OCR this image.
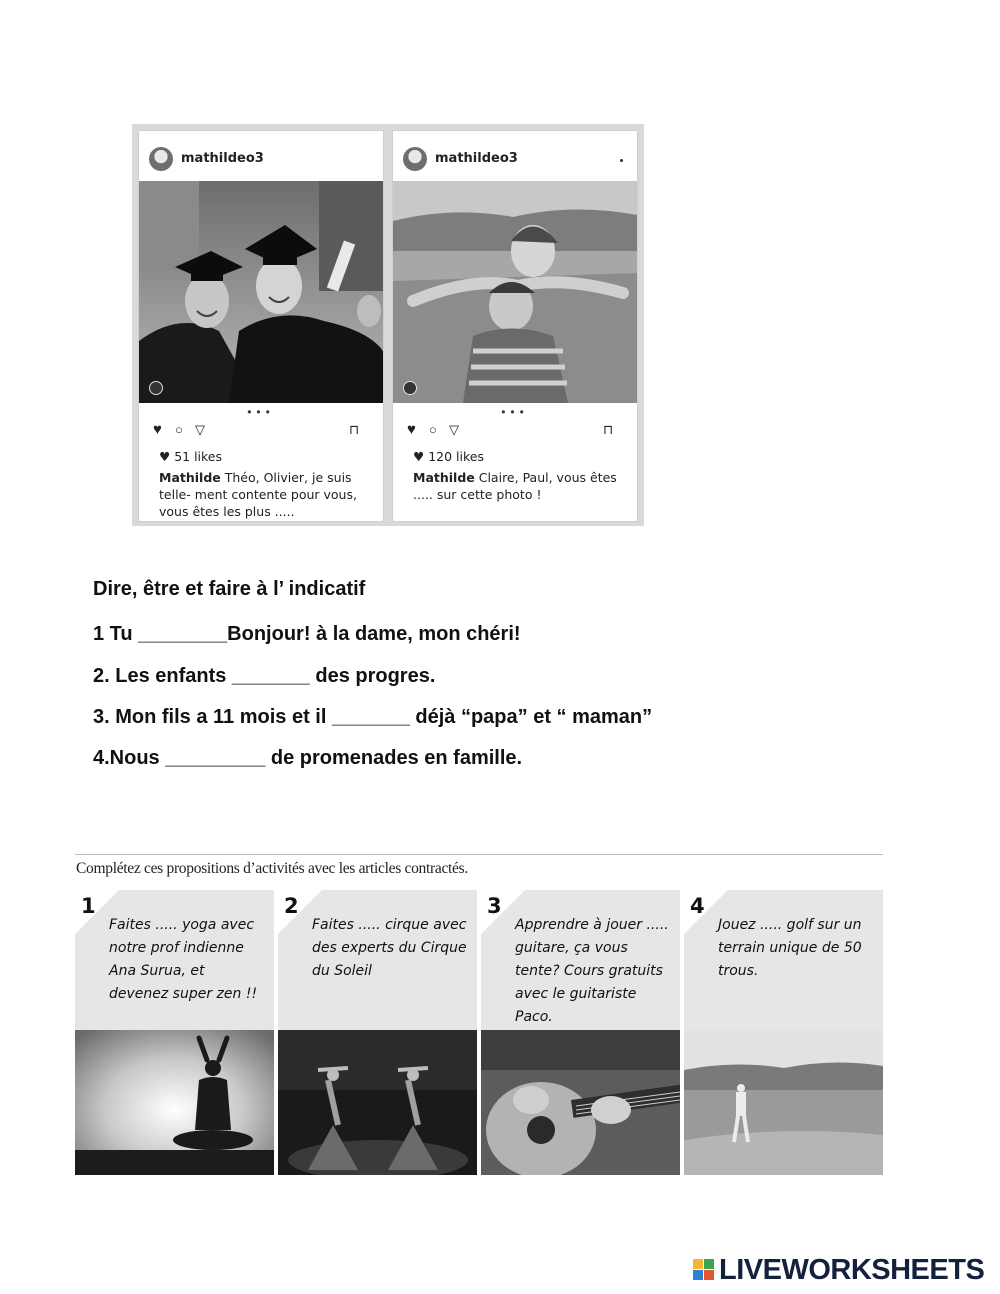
mathildeo3
•••
♥ ○ ▽	⊓
♥ 51 likes
Mathilde Théo, Olivier, je suis telle- ment contente pour vous, vous êtes les plus .....
mathildeo3
•••
♥ ○ ▽	⊓
♥ 120 likes
Mathilde Claire, Paul, vous êtes ..... sur cette photo !
Dire, être et faire à l’ indicatif
1 Tu ________Bonjour! à la dame, mon chéri!
2. Les enfants _______ des progres.
3. Mon fils a 11 mois et il _______ déjà “papa” et “ maman”
4.Nous _________ de promenades en famille.
Complétez ces propositions d’activités avec les articles contractés.
1
Faites ..... yoga avec notre prof indienne Ana Surua, et devenez super zen !!
2
Faites ..... cirque avec des experts du Cirque du Soleil
3
Apprendre à jouer ..... guitare, ça vous tente? Cours gratuits avec le guitariste Paco.
4
Jouez ..... golf sur un terrain unique de 50 trous.
LIVEWORKSHEETS
